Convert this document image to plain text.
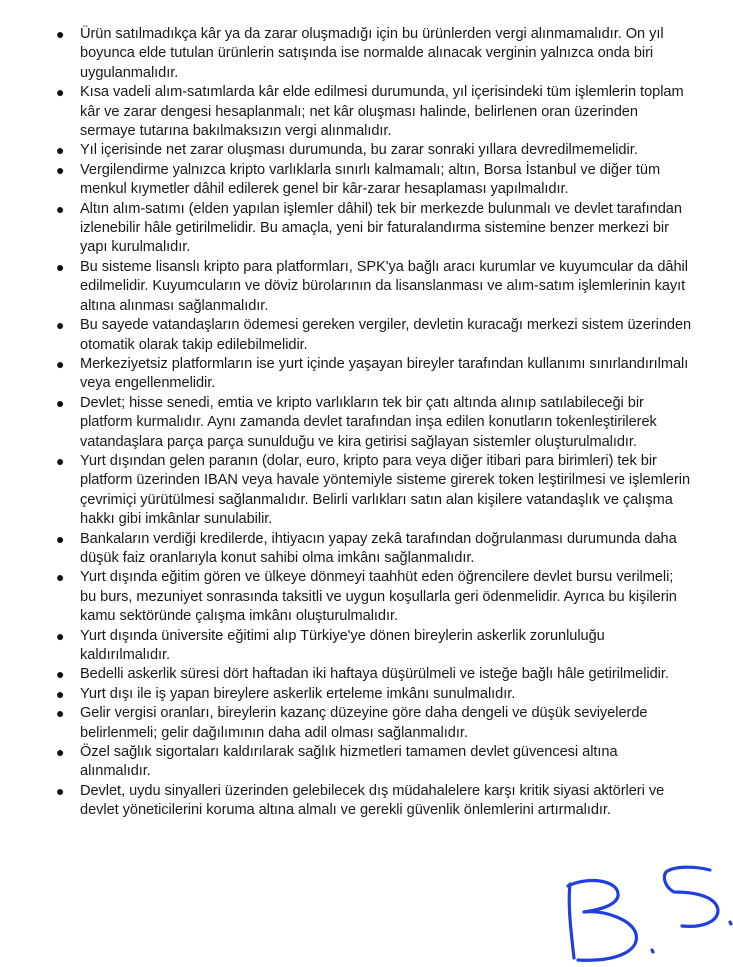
● Ürün satılmadıkça kâr ya da zarar oluşmadığı için bu ürünlerden vergi alınmamalıdır. On yıl boyunca elde tutulan ürünlerin satışında ise normalde alınacak verginin yalnızca onda biri uygulanmalıdır.
● Kısa vadeli alım-satımlarda kâr elde edilmesi durumunda, yıl içerisindeki tüm işlemlerin toplam kâr ve zarar dengesi hesaplanmalı; net kâr oluşması halinde, belirlenen oran üzerinden sermaye tutarına bakılmaksızın vergi alınmalıdır.
● Yıl içerisinde net zarar oluşması durumunda, bu zarar sonraki yıllara devredilmemelidir.
● Vergilendirme yalnızca kripto varlıklarla sınırlı kalmamalı; altın, Borsa İstanbul ve diğer tüm menkul kıymetler dâhil edilerek genel bir kâr-zarar hesaplaması yapılmalıdır.
● Altın alım-satımı (elden yapılan işlemler dâhil) tek bir merkezde bulunmalı ve devlet tarafından izlenebilir hâle getirilmelidir. Bu amaçla, yeni bir faturalandırma sistemine benzer merkezi bir yapı kurulmalıdır.
● Bu sisteme lisanslı kripto para platformları, SPK'ya bağlı aracı kurumlar ve kuyumcular da dâhil edilmelidir. Kuyumcuların ve döviz bürolarının da lisanslanması ve alım-satım işlemlerinin kayıt altına alınması sağlanmalıdır.
● Bu sayede vatandaşların ödemesi gereken vergiler, devletin kuracağı merkezi sistem üzerinden otomatik olarak takip edilebilmelidir.
● Merkeziyetsiz platformların ise yurt içinde yaşayan bireyler tarafından kullanımı sınırlandırılmalı veya engellenmelidir.
● Devlet; hisse senedi, emtia ve kripto varlıkların tek bir çatı altında alınıp satılabileceği bir platform kurmalıdır. Aynı zamanda devlet tarafından inşa edilen konutların tokenleştirilerek vatandaşlara parça parça sunulduğu ve kira getirisi sağlayan sistemler oluşturulmalıdır.
● Yurt dışından gelen paranın (dolar, euro, kripto para veya diğer itibari para birimleri) tek bir platform üzerinden IBAN veya havale yöntemiyle sisteme girerek token leştirilmesi ve işlemlerin çevrimiçi yürütülmesi sağlanmalıdır. Belirli varlıkları satın alan kişilere vatandaşlık ve çalışma hakkı gibi imkânlar sunulabilir.
● Bankaların verdiği kredilerde, ihtiyacın yapay zekâ tarafından doğrulanması durumunda daha düşük faiz oranlarıyla konut sahibi olma imkânı sağlanmalıdır.
● Yurt dışında eğitim gören ve ülkeye dönmeyi taahhüt eden öğrencilere devlet bursu verilmeli; bu burs, mezuniyet sonrasında taksitli ve uygun koşullarla geri ödenmelidir. Ayrıca bu kişilerin kamu sektöründe çalışma imkânı oluşturulmalıdır.
● Yurt dışında üniversite eğitimi alıp Türkiye'ye dönen bireylerin askerlik zorunluluğu kaldırılmalıdır.
● Bedelli askerlik süresi dört haftadan iki haftaya düşürülmeli ve isteğe bağlı hâle getirilmelidir.
● Yurt dışı ile iş yapan bireylere askerlik erteleme imkânı sunulmalıdır.
● Gelir vergisi oranları, bireylerin kazanç düzeyine göre daha dengeli ve düşük seviyelerde belirlenmeli; gelir dağılımının daha adil olması sağlanmalıdır.
● Özel sağlık sigortaları kaldırılarak sağlık hizmetleri tamamen devlet güvencesi altına alınmalıdır.
● Devlet, uydu sinyalleri üzerinden gelebilecek dış müdahalelere karşı kritik siyasi aktörleri ve devlet yöneticilerini koruma altına almalı ve gerekli güvenlik önlemlerini artırmalıdır.
